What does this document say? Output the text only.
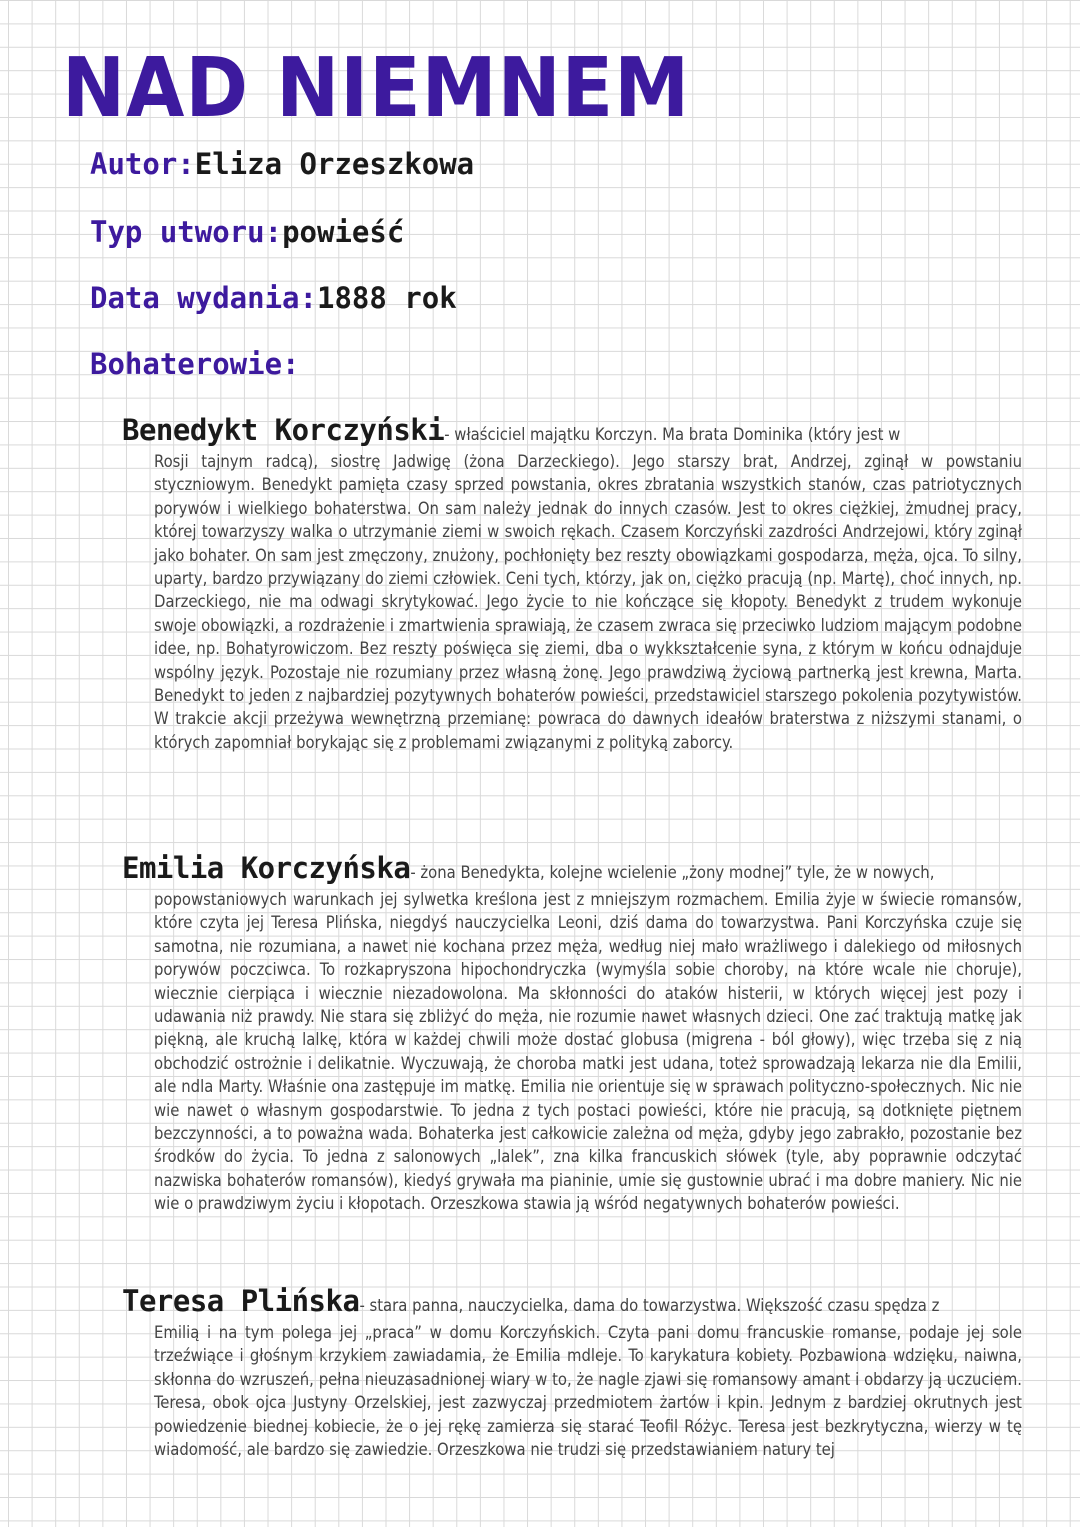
NAD NIEMNEM
Autor:Eliza Orzeszkowa
Typ utworu:powieść
Data wydania:1888 rok
Bohaterowie:
Benedykt Korczyński- właściciel majątku Korczyn. Ma brata Dominika (który jest w

Rosji tajnym radcą), siostrę Jadwigę (żona Darzeckiego). Jego starszy brat, Andrzej, zginął w powstaniu styczniowym. Benedykt pamięta czasy sprzed powstania, okres zbratania wszystkich stanów, czas patriotycznych porywów i wielkiego bohaterstwa. On sam należy jednak do innych czasów. Jest to okres ciężkiej, żmudnej pracy, której towarzyszy walka o utrzymanie ziemi w swoich rękach. Czasem Korczyński zazdrości Andrzejowi, który zginął jako bohater. On sam jest zmęczony, znużony, pochłonięty bez reszty obowiązkami gospodarza, męża, ojca. To silny, uparty, bardzo przywiązany do ziemi człowiek. Ceni tych, którzy, jak on, ciężko pracują (np. Martę), choć innych, np. Darzeckiego, nie ma odwagi skrytykować. Jego życie to nie kończące się kłopoty. Benedykt z trudem wykonuje swoje obowiązki, a rozdrażenie i zmartwienia sprawiają, że czasem zwraca się przeciwko ludziom mającym podobne idee, np. Bohatyrowiczom. Bez reszty poświęca się ziemi, dba o wykkształcenie syna, z którym w końcu odnajduje wspólny język. Pozostaje nie rozumiany przez własną żonę. Jego prawdziwą życiową partnerką jest krewna, Marta. Benedykt to jeden z najbardziej pozytywnych bohaterów powieści, przedstawiciel starszego pokolenia pozytywistów. W trakcie akcji przeżywa wewnętrzną przemianę: powraca do dawnych ideałów braterstwa z niższymi stanami, o których zapomniał borykając się z problemami związanymi z polityką zaborcy.

Emilia Korczyńska- żona Benedykta, kolejne wcielenie „żony modnej” tyle, że w nowych,

popowstaniowych warunkach jej sylwetka kreślona jest z mniejszym rozmachem. Emilia żyje w świecie romansów, które czyta jej Teresa Plińska, niegdyś nauczycielka Leoni, dziś dama do towarzystwa. Pani Korczyńska czuje się samotna, nie rozumiana, a nawet nie kochana przez męża, według niej mało wrażliwego i dalekiego od miłosnych porywów poczciwca. To rozkapryszona hipochondryczka (wymyśla sobie choroby, na które wcale nie choruje), wiecznie cierpiąca i wiecznie niezadowolona. Ma skłonności do ataków histerii, w których więcej jest pozy i udawania niż prawdy. Nie stara się zbliżyć do męża, nie rozumie nawet własnych dzieci. One zać traktują matkę jak piękną, ale kruchą lalkę, która w każdej chwili może dostać globusa (migrena - ból głowy), więc trzeba się z nią obchodzić ostrożnie i delikatnie. Wyczuwają, że choroba matki jest udana, toteż sprowadzają lekarza nie dla Emilii, ale ndla Marty. Właśnie ona zastępuje im matkę. Emilia nie orientuje się w sprawach polityczno-społecznych. Nic nie wie nawet o własnym gospodarstwie. To jedna z tych postaci powieści, które nie pracują, są dotknięte piętnem bezczynności, a to poważna wada. Bohaterka jest całkowicie zależna od męża, gdyby jego zabrakło, pozostanie bez środków do życia. To jedna z salonowych „lalek”, zna kilka francuskich słówek (tyle, aby poprawnie odczytać nazwiska bohaterów romansów), kiedyś grywała ma pianinie, umie się gustownie ubrać i ma dobre maniery. Nic nie wie o prawdziwym życiu i kłopotach. Orzeszkowa stawia ją wśród negatywnych bohaterów powieści.

Teresa Plińska- stara panna, nauczycielka, dama do towarzystwa. Większość czasu spędza z

Emilią i na tym polega jej „praca” w domu Korczyńskich. Czyta pani domu francuskie romanse, podaje jej sole trzeźwiące i głośnym krzykiem zawiadamia, że Emilia mdleje. To karykatura kobiety. Pozbawiona wdzięku, naiwna, skłonna do wzruszeń, pełna nieuzasadnionej wiary w to, że nagle zjawi się romansowy amant i obdarzy ją uczuciem. Teresa, obok ojca Justyny Orzelskiej, jest zazwyczaj przedmiotem żartów i kpin. Jednym z bardziej okrutnych jest powiedzenie biednej kobiecie, że o jej rękę zamierza się starać Teofil Różyc. Teresa jest bezkrytyczna, wierzy w tę wiadomość, ale bardzo się zawiedzie. Orzeszkowa nie trudzi się przedstawianiem natury tej
